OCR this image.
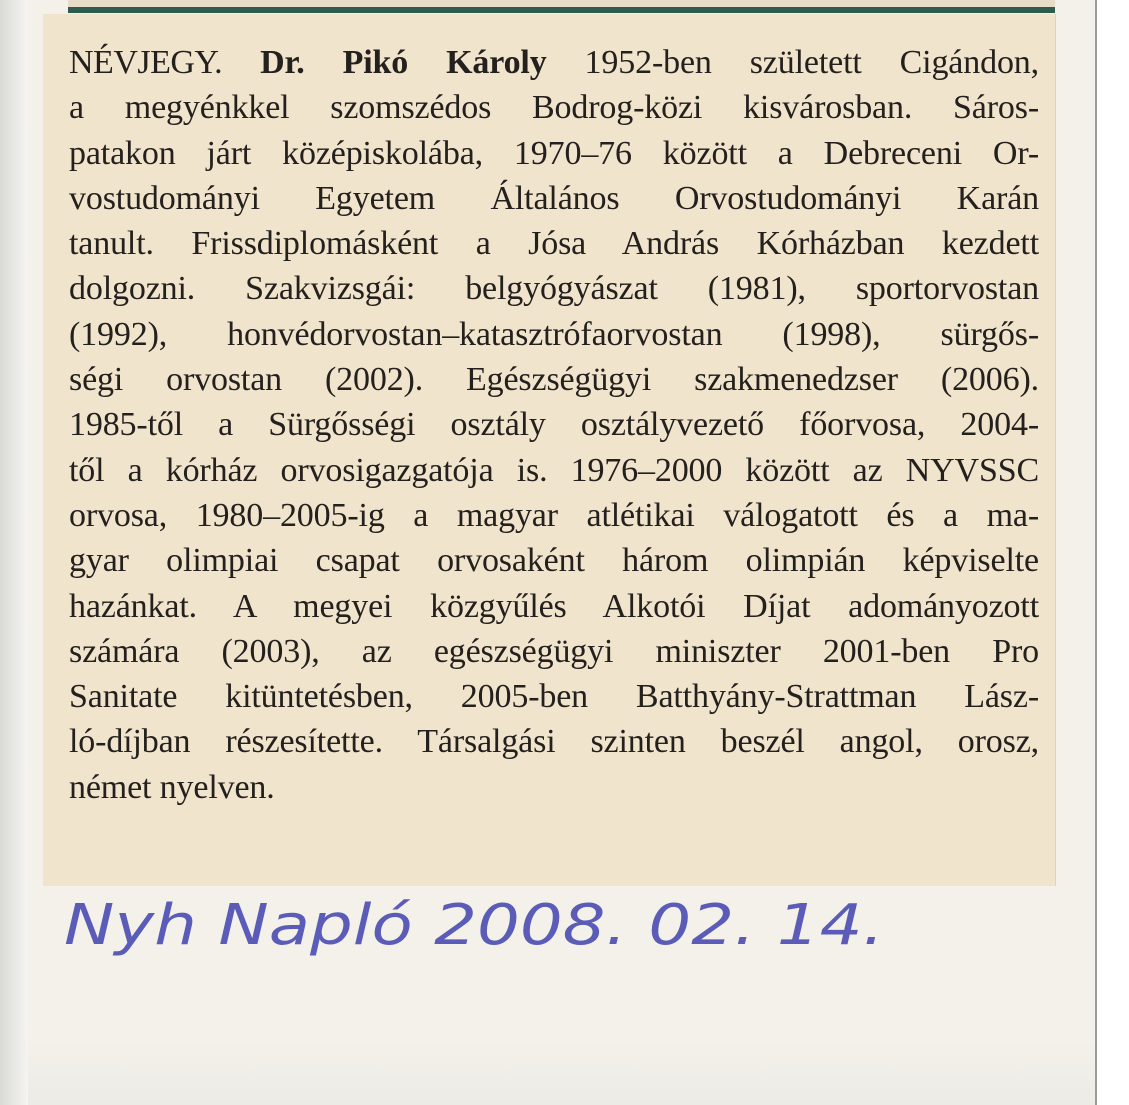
NÉVJEGY. Dr. Pikó Károly 1952-ben született Cigándon,
a megyénkkel szomszédos Bodrog-közi kisvárosban. Sáros-
patakon járt középiskolába, 1970–76 között a Debreceni Or-
vostudományi Egyetem Általános Orvostudományi Karán
tanult. Frissdiplomásként a Jósa András Kórházban kezdett
dolgozni. Szakvizsgái: belgyógyászat (1981), sportorvostan
(1992), honvédorvostan–katasztrófaorvostan (1998), sürgős-
ségi orvostan (2002). Egészségügyi szakmenedzser (2006).
1985-től a Sürgősségi osztály osztályvezető főorvosa, 2004-
től a kórház orvosigazgatója is. 1976–2000 között az NYVSSC
orvosa, 1980–2005-ig a magyar atlétikai válogatott és a ma-
gyar olimpiai csapat orvosaként három olimpián képviselte
hazánkat. A megyei közgyűlés Alkotói Díjat adományozott
számára (2003), az egészségügyi miniszter 2001-ben Pro
Sanitate kitüntetésben, 2005-ben Batthyány-Strattman Lász-
ló-díjban részesítette. Társalgási szinten beszél angol, orosz,
német nyelven.
Nyh Napló 2008. 02. 14.
